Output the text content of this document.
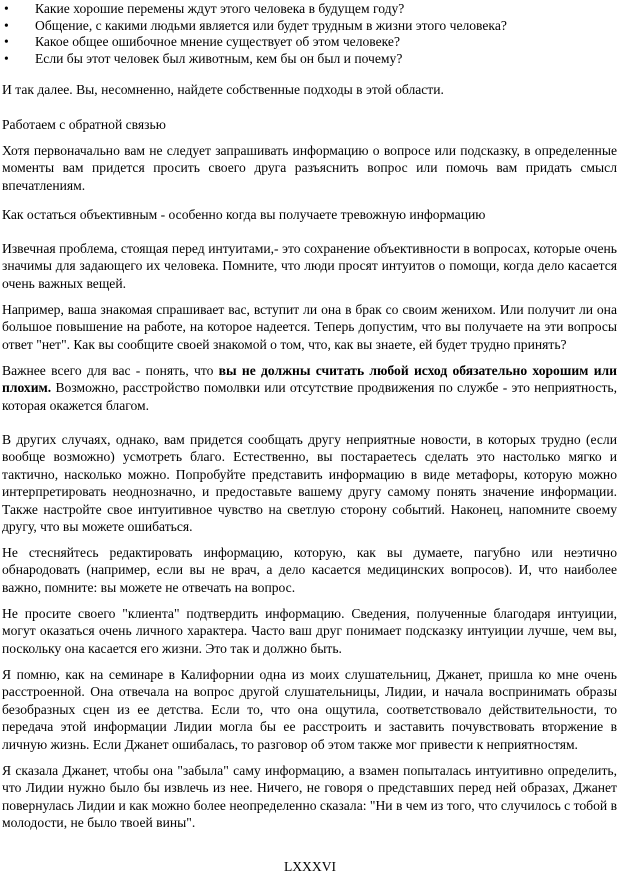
• Какие хорошие перемены ждут этого человека в будущем году?
• Общение, с какими людьми является или будет трудным в жизни этого человека?
• Какое общее ошибочное мнение существует об этом человеке?
• Если бы этот человек был животным, кем бы он был и почему?

И так далее. Вы, несомненно, найдете собственные подходы в этой области.

Работаем с обратной связью

Хотя первоначально вам не следует запрашивать информацию о вопросе или подсказку, в определенные моменты вам придется просить своего друга разъяснить вопрос или помочь вам придать смысл впечатлениям.

Как остаться объективным - особенно когда вы получаете тревожную информацию

Извечная проблема, стоящая перед интуитами,- это сохранение объективности в вопросах, которые очень значимы для задающего их человека. Помните, что люди просят интуитов о помощи, когда дело касается очень важных вещей.

Например, ваша знакомая спрашивает вас, вступит ли она в брак со своим женихом. Или получит ли она большое повышение на работе, на которое надеется. Теперь допустим, что вы получаете на эти вопросы ответ "нет". Как вы сообщите своей знакомой о том, что, как вы знаете, ей будет трудно принять?

Важнее всего для вас - понять, что вы не должны считать любой исход обязательно хорошим или плохим. Возможно, расстройство помолвки или отсутствие продвижения по службе - это неприятность, которая окажется благом.

В других случаях, однако, вам придется сообщать другу неприятные новости, в которых трудно (если вообще возможно) усмотреть благо. Естественно, вы постараетесь сделать это настолько мягко и тактично, насколько можно. Попробуйте представить информацию в виде метафоры, которую можно интерпретировать неоднозначно, и предоставьте вашему другу самому понять значение информации. Также настройте свое интуитивное чувство на светлую сторону событий. Наконец, напомните своему другу, что вы можете ошибаться.

Не стесняйтесь редактировать информацию, которую, как вы думаете, пагубно или неэтично обнародовать (например, если вы не врач, а дело касается медицинских вопросов). И, что наиболее важно, помните: вы можете не отвечать на вопрос.

Не просите своего "клиента" подтвердить информацию. Сведения, полученные благодаря интуиции, могут оказаться очень личного характера. Часто ваш друг понимает подсказку интуиции лучше, чем вы, поскольку она касается его жизни. Это так и должно быть.

Я помню, как на семинаре в Калифорнии одна из моих слушательниц, Джанет, пришла ко мне очень расстроенной. Она отвечала на вопрос другой слушательницы, Лидии, и начала воспринимать образы безобразных сцен из ее детства. Если то, что она ощутила, соответствовало действительности, то передача этой информации Лидии могла бы ее расстроить и заставить почувствовать вторжение в личную жизнь. Если Джанет ошибалась, то разговор об этом также мог привести к неприятностям.

Я сказала Джанет, чтобы она "забыла" саму информацию, а взамен попыталась интуитивно определить, что Лидии нужно было бы извлечь из нее. Ничего, не говоря о представших перед ней образах, Джанет повернулась Лидии и как можно более неопределенно сказала: "Ни в чем из того, что случилось с тобой в молодости, не было твоей вины".

LXXXVI
